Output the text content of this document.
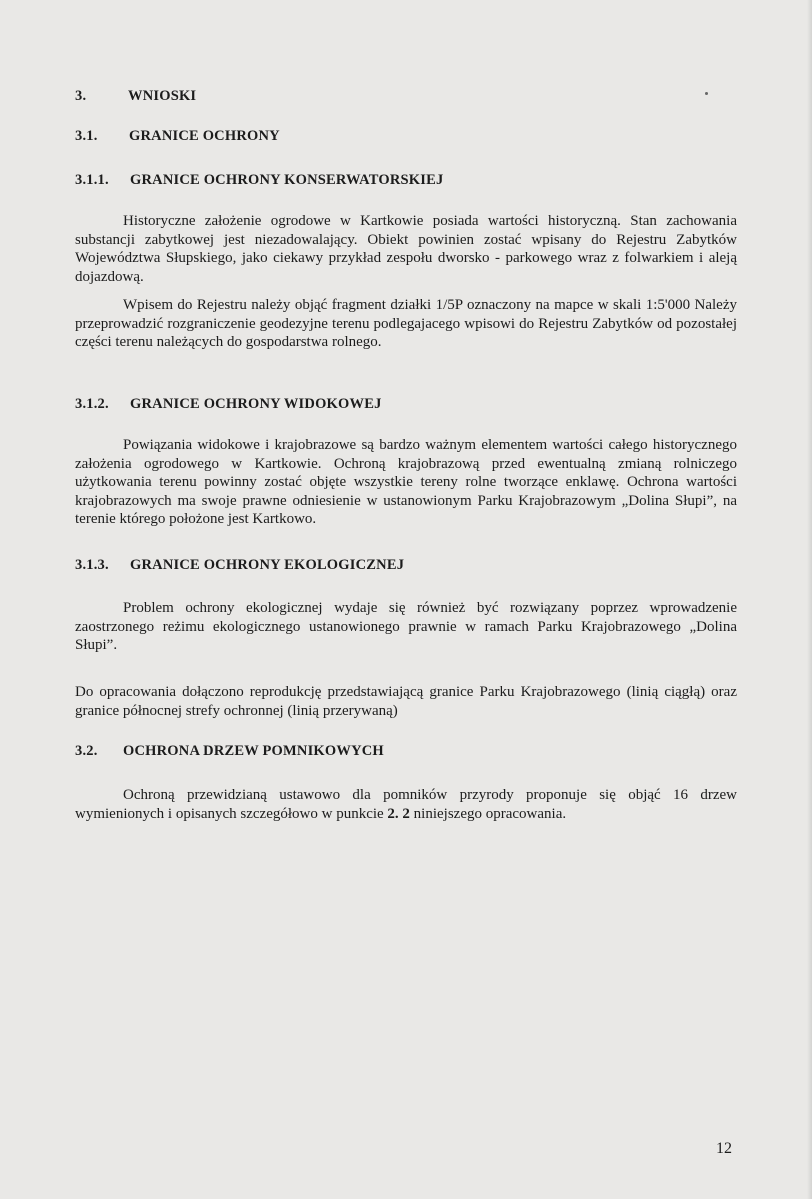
3.	WNIOSKI
3.1. GRANICE OCHRONY
3.1.1. GRANICE OCHRONY KONSERWATORSKIEJ

Historyczne założenie ogrodowe w Kartkowie posiada wartości historyczną. Stan zachowania substancji zabytkowej jest niezadowalający. Obiekt powinien zostać wpisany do Rejestru Zabytków Województwa Słupskiego, jako ciekawy przykład zespołu dworsko - parkowego wraz z folwarkiem i aleją dojazdową.

Wpisem do Rejestru należy objąć fragment działki 1/5P oznaczony na mapce w skali 1:5'000 Należy przeprowadzić rozgraniczenie geodezyjne terenu podlegajacego wpisowi do Rejestru Zabytków od pozostałej części terenu należących do gospodarstwa rolnego.

3.1.2. GRANICE OCHRONY WIDOKOWEJ

Powiązania widokowe i krajobrazowe są bardzo ważnym elementem wartości całego historycznego założenia ogrodowego w Kartkowie. Ochroną krajobrazową przed ewentualną zmianą rolniczego użytkowania terenu powinny zostać objęte wszystkie tereny rolne tworzące enklawę. Ochrona wartości krajobrazowych ma swoje prawne odniesienie w ustanowionym Parku Krajobrazowym „Dolina Słupi”, na terenie którego położone jest Kartkowo.

3.1.3. GRANICE OCHRONY EKOLOGICZNEJ

Problem ochrony ekologicznej wydaje się również być rozwiązany poprzez wprowadzenie zaostrzonego reżimu ekologicznego ustanowionego prawnie w ramach Parku Krajobrazowego „Dolina Słupi”.

Do opracowania dołączono reprodukcję przedstawiającą granice Parku Krajobrazowego (linią ciągłą) oraz granice północnej strefy ochronnej (linią przerywaną)

3.2. OCHRONA DRZEW POMNIKOWYCH

Ochroną przewidzianą ustawowo dla pomników przyrody proponuje się objąć 16 drzew wymienionych i opisanych szczegółowo w punkcie 2. 2 niniejszego opracowania.

12
